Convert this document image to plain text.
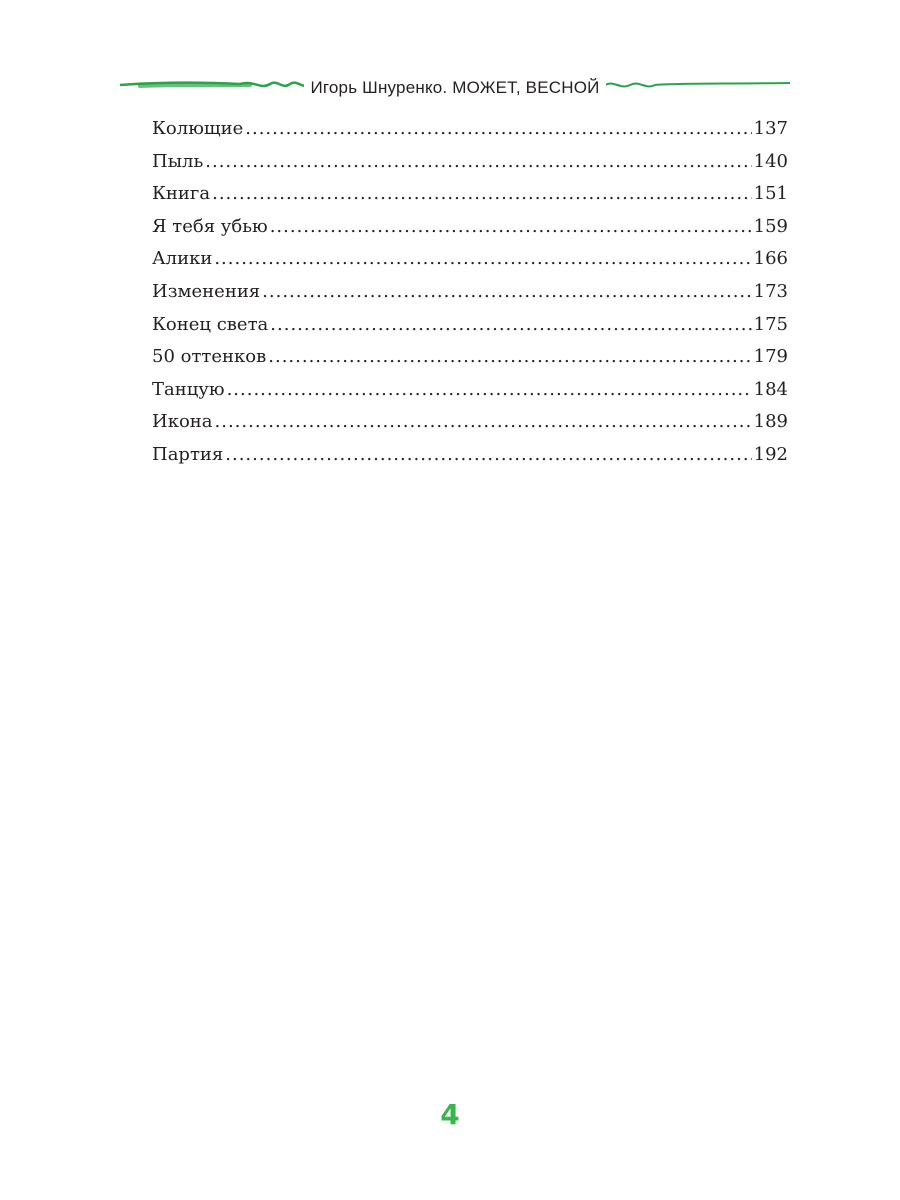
Игорь Шнуренко. МОЖЕТ, ВЕСНОЙ
Колющие .....	137
Пыль .....	140
Книга .....	151
Я тебя убью .....	159
Алики .....	166
Изменения .....	173
Конец света .....	175
50 оттенков .....	179
Танцую .....	184
Икона .....	189
Партия .....	192
4
